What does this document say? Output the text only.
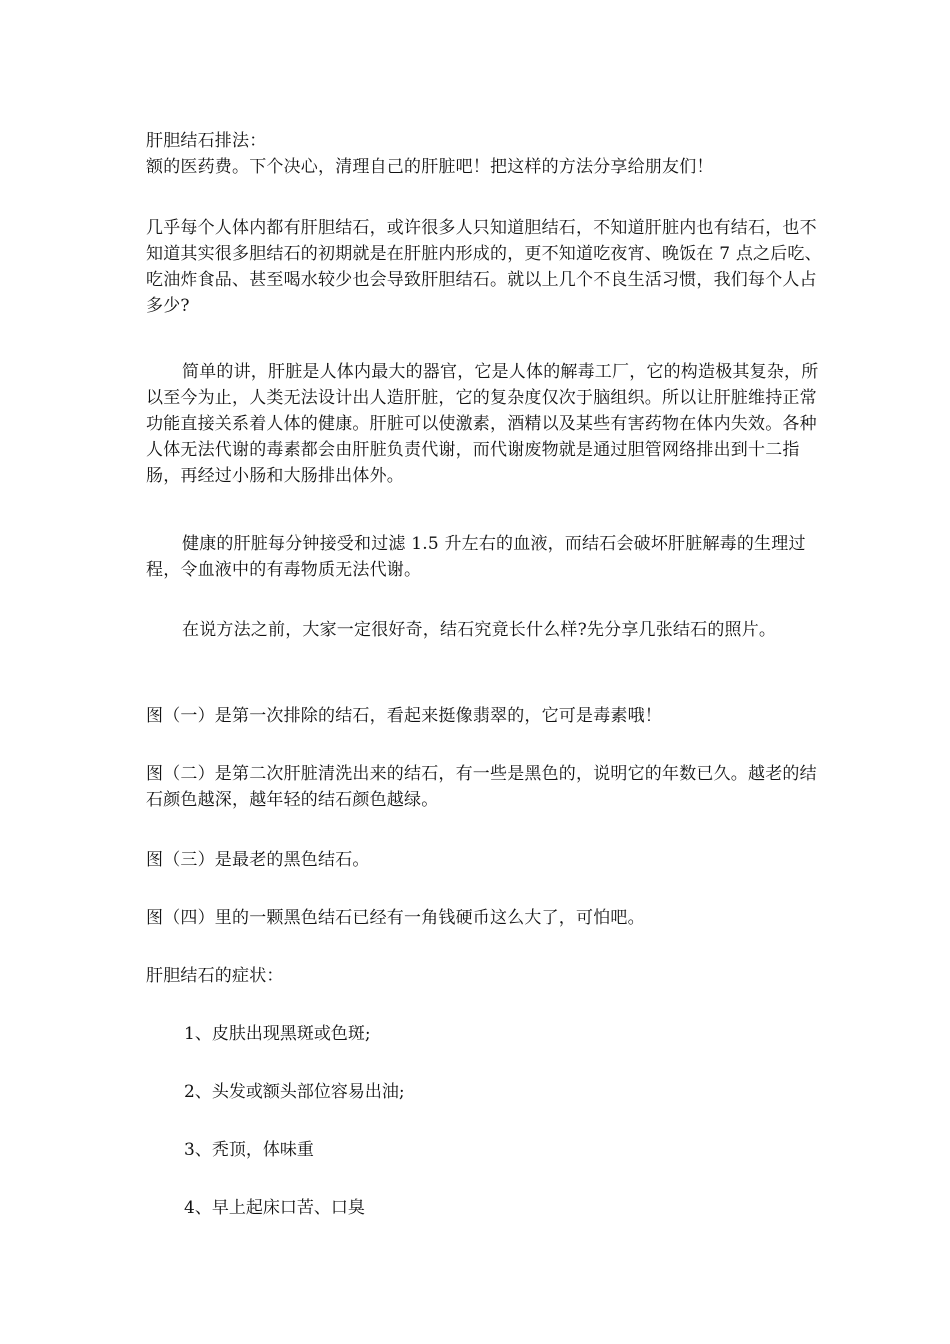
肝胆结石排法：

额的医药费。下个决心，清理自己的肝脏吧！把这样的方法分享给朋友们！

几乎每个人体内都有肝胆结石，或许很多人只知道胆结石，不知道肝脏内也有结石，也不知道其实很多胆结石的初期就是在肝脏内形成的，更不知道吃夜宵、晚饭在 7 点之后吃、吃油炸食品、甚至喝水较少也会导致肝胆结石。就以上几个不良生活习惯，我们每个人占多少?

简单的讲，肝脏是人体内最大的器官，它是人体的解毒工厂，它的构造极其复杂，所以至今为止，人类无法设计出人造肝脏，它的复杂度仅次于脑组织。所以让肝脏维持正常功能直接关系着人体的健康。肝脏可以使激素，酒精以及某些有害药物在体内失效。各种人体无法代谢的毒素都会由肝脏负责代谢，而代谢废物就是通过胆管网络排出到十二指肠，再经过小肠和大肠排出体外。

健康的肝脏每分钟接受和过滤 1.5 升左右的血液，而结石会破坏肝脏解毒的生理过程，令血液中的有毒物质无法代谢。

在说方法之前，大家一定很好奇，结石究竟长什么样?先分享几张结石的照片。

图（一）是第一次排除的结石，看起来挺像翡翠的，它可是毒素哦！

图（二）是第二次肝脏清洗出来的结石，有一些是黑色的，说明它的年数已久。越老的结石颜色越深，越年轻的结石颜色越绿。

图（三）是最老的黑色结石。

图（四）里的一颗黑色结石已经有一角钱硬币这么大了，可怕吧。

肝胆结石的症状：

1、皮肤出现黑斑或色斑;
2、头发或额头部位容易出油;
3、秃顶，体味重
4、早上起床口苦、口臭
